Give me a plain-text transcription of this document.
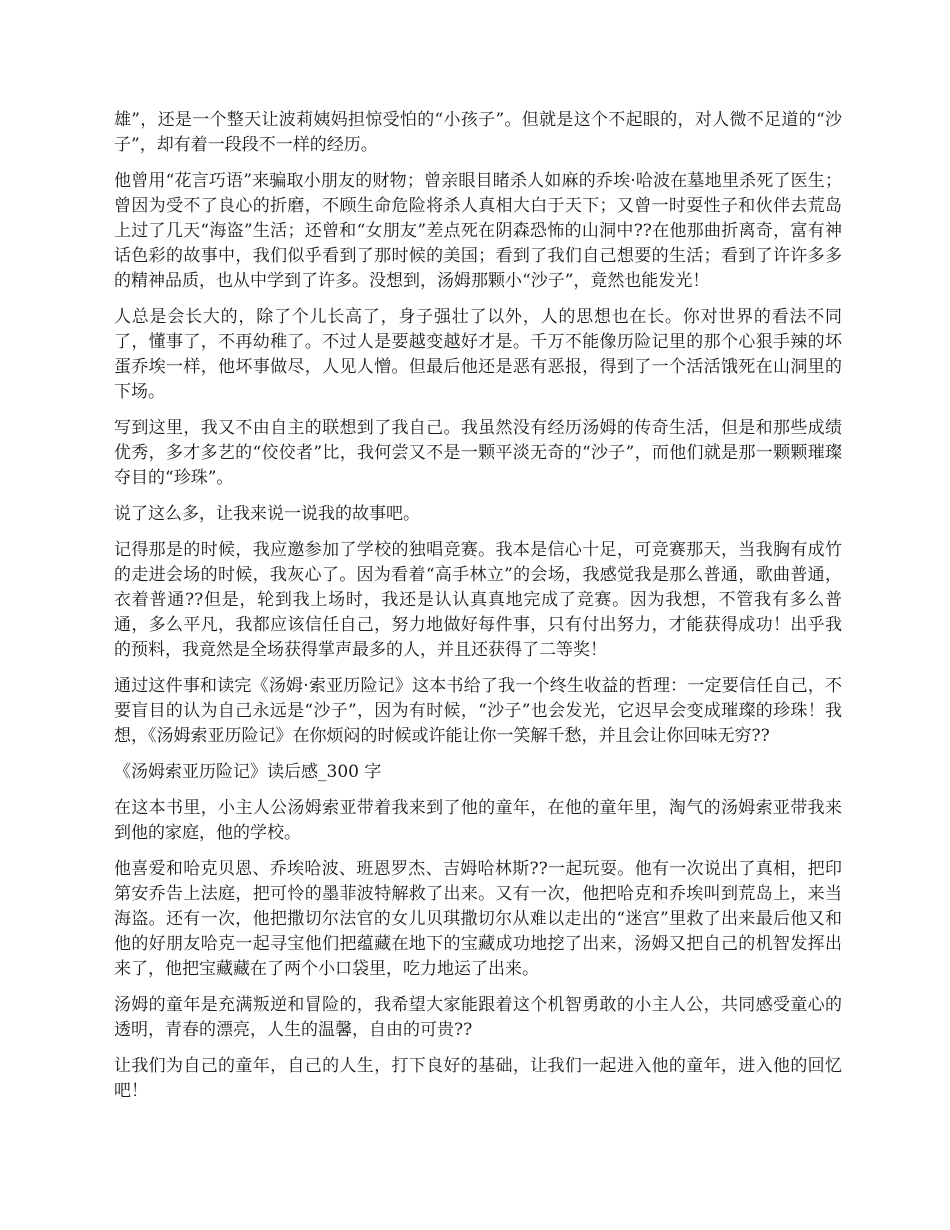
雄”，还是一个整天让波莉姨妈担惊受怕的“小孩子”。但就是这个不起眼的，对人微不足道的“沙子”，却有着一段段不一样的经历。

他曾用“花言巧语”来骗取小朋友的财物；曾亲眼目睹杀人如麻的乔埃·哈波在墓地里杀死了医生；曾因为受不了良心的折磨，不顾生命危险将杀人真相大白于天下；又曾一时耍性子和伙伴去荒岛上过了几天“海盗”生活；还曾和“女朋友”差点死在阴森恐怖的山洞中??在他那曲折离奇，富有神话色彩的故事中，我们似乎看到了那时候的美国；看到了我们自己想要的生活；看到了许许多多的精神品质，也从中学到了许多。没想到，汤姆那颗小“沙子”，竟然也能发光！

人总是会长大的，除了个儿长高了，身子强壮了以外，人的思想也在长。你对世界的看法不同了，懂事了，不再幼稚了。不过人是要越变越好才是。千万不能像历险记里的那个心狠手辣的坏蛋乔埃一样，他坏事做尽，人见人憎。但最后他还是恶有恶报，得到了一个活活饿死在山洞里的下场。

写到这里，我又不由自主的联想到了我自己。我虽然没有经历汤姆的传奇生活，但是和那些成绩优秀，多才多艺的“佼佼者”比，我何尝又不是一颗平淡无奇的“沙子”，而他们就是那一颗颗璀璨夺目的“珍珠”。

说了这么多，让我来说一说我的故事吧。

记得那是的时候，我应邀参加了学校的独唱竞赛。我本是信心十足，可竞赛那天，当我胸有成竹的走进会场的时候，我灰心了。因为看着“高手林立”的会场，我感觉我是那么普通，歌曲普通，衣着普通??但是，轮到我上场时，我还是认认真真地完成了竞赛。因为我想，不管我有多么普通，多么平凡，我都应该信任自己，努力地做好每件事，只有付出努力，才能获得成功！出乎我的预料，我竟然是全场获得掌声最多的人，并且还获得了二等奖！

通过这件事和读完《汤姆·索亚历险记》这本书给了我一个终生收益的哲理：一定要信任自己，不要盲目的认为自己永远是“沙子”，因为有时候，“沙子”也会发光，它迟早会变成璀璨的珍珠！我想，《汤姆索亚历险记》在你烦闷的时候或许能让你一笑解千愁，并且会让你回味无穷??

《汤姆索亚历险记》读后感_300 字

在这本书里，小主人公汤姆索亚带着我来到了他的童年，在他的童年里，淘气的汤姆索亚带我来到他的家庭，他的学校。

他喜爱和哈克贝恩、乔埃哈波、班恩罗杰、吉姆哈林斯??一起玩耍。他有一次说出了真相，把印第安乔告上法庭，把可怜的墨菲波特解救了出来。又有一次，他把哈克和乔埃叫到荒岛上，来当海盗。还有一次，他把撒切尔法官的女儿贝琪撒切尔从难以走出的“迷宫”里救了出来最后他又和他的好朋友哈克一起寻宝他们把蕴藏在地下的宝藏成功地挖了出来，汤姆又把自己的机智发挥出来了，他把宝藏藏在了两个小口袋里，吃力地运了出来。

汤姆的童年是充满叛逆和冒险的，我希望大家能跟着这个机智勇敢的小主人公，共同感受童心的透明，青春的漂亮，人生的温馨，自由的可贵??

让我们为自己的童年，自己的人生，打下良好的基础，让我们一起进入他的童年，进入他的回忆吧！
